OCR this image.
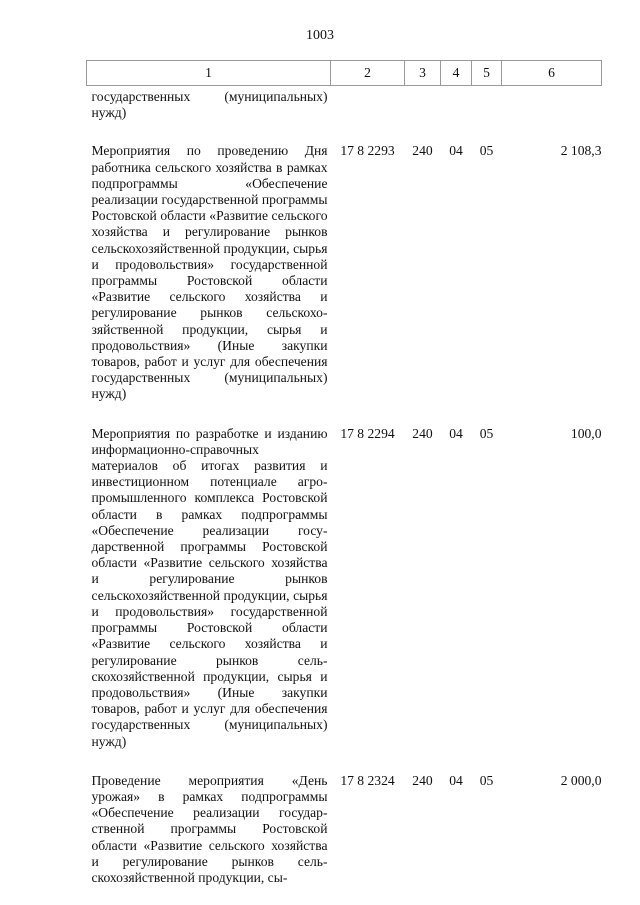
1003
1	2	3	4	5	6
государственных (муниципальных) нужд)					
Мероприятия по проведению Дня работника сельского хозяйства в рамках подпрограммы «Обеспечение реализации государственной программы Ростовской области «Развитие сельского хозяйства и регулирование рынков сельскохозяйственной продукции, сырья и продовольствия» государственной программы Ростовской области «Развитие сельского хозяйства и регулирование рынков сельскохозяйственной продукции, сырья и продовольствия» (Иные закупки товаров, работ и услуг для обеспечения государственных (муниципальных) нужд)	17 8 2293	240	04	05	2 108,3
Мероприятия по разработке и изданию информационно-справочных материалов об итогах развития и инвестиционном потенциале агропромышленного комплекса Ростовской области в рамках подпрограммы «Обеспечение реализации государственной программы Ростовской области «Развитие сельского хозяйства и регулирование рынков сельскохозяйственной продукции, сырья и продовольствия» государственной программы Ростовской области «Развитие сельского хозяйства и регулирование рынков сельскохозяйственной продукции, сырья и продовольствия» (Иные закупки товаров, работ и услуг для обеспечения государственных (муниципальных) нужд)	17 8 2294	240	04	05	100,0
Проведение мероприятия «День урожая» в рамках подпрограммы «Обеспечение реализации государственной программы Ростовской области «Развитие сельского хозяйства и регулирование рынков сельскохозяйственной продукции, сы-	17 8 2324	240	04	05	2 000,0
